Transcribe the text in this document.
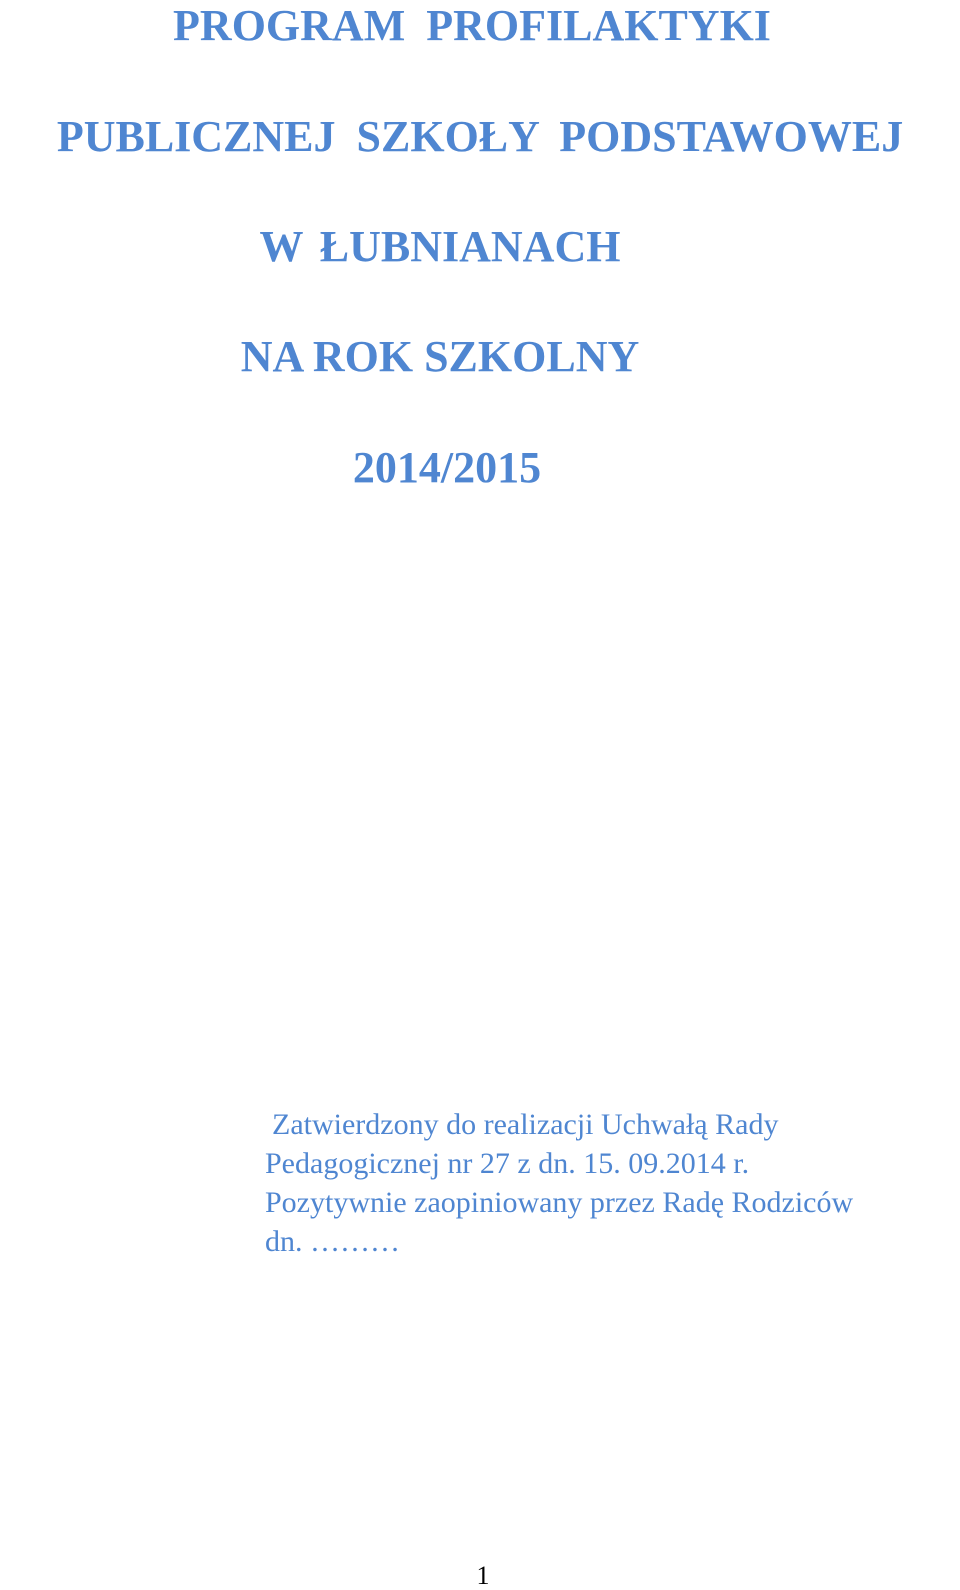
PROGRAM PROFILAKTYKI
PUBLICZNEJ SZKOŁY PODSTAWOWEJ
W ŁUBNIANACH
NA ROK SZKOLNY
2014/2015
Zatwierdzony do realizacji Uchwałą Rady
Pedagogicznej nr 27 z dn. 15. 09.2014 r.
Pozytywnie zaopiniowany przez Radę Rodziców
dn. ………
1
